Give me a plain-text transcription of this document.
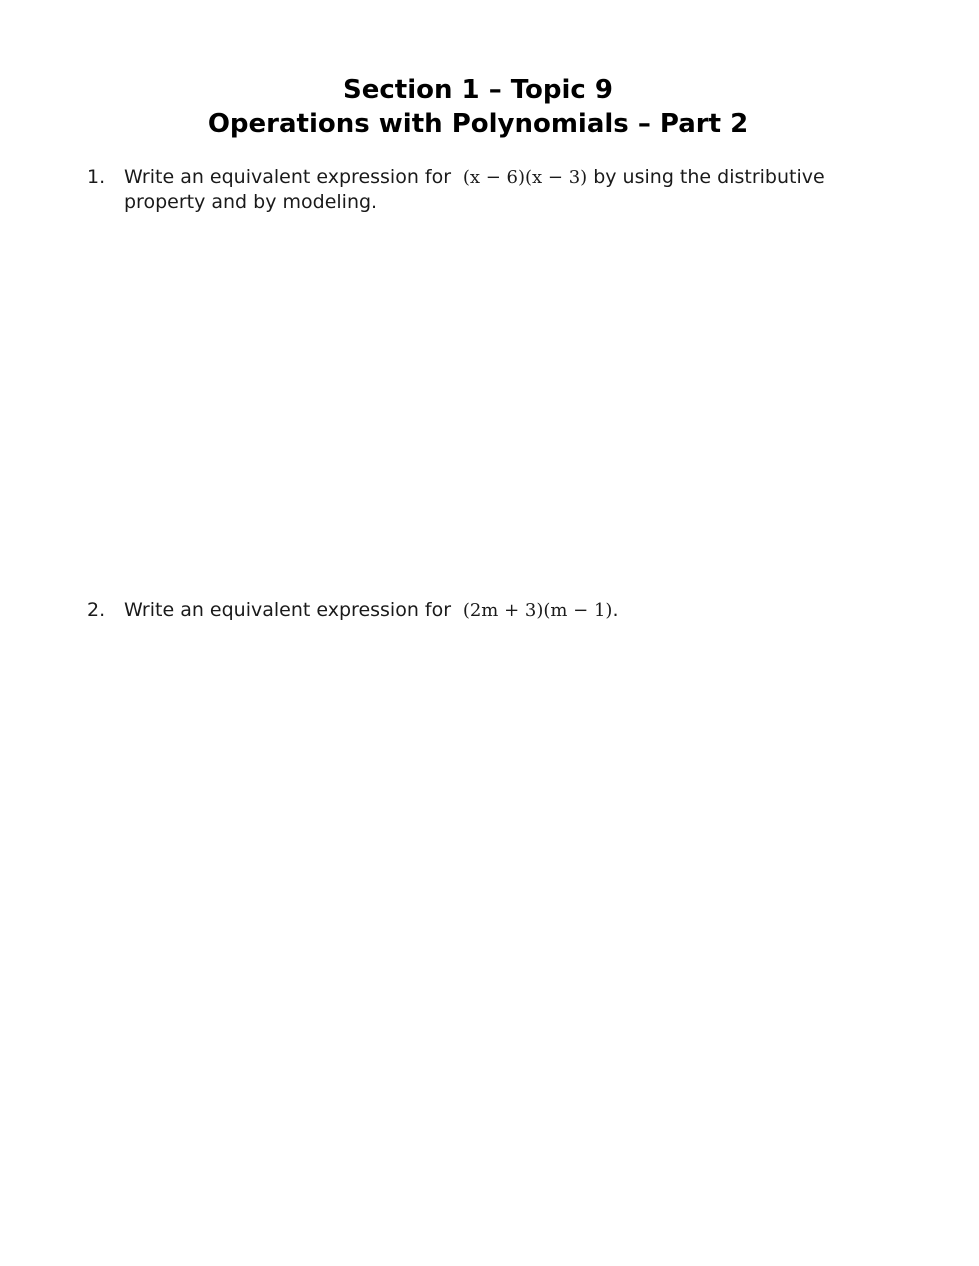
Section 1 – Topic 9
Operations with Polynomials – Part 2
1. Write an equivalent expression for  (x − 6)(x − 3) by using the distributive property and by modeling.
2. Write an equivalent expression for  (2m + 3)(m − 1).
